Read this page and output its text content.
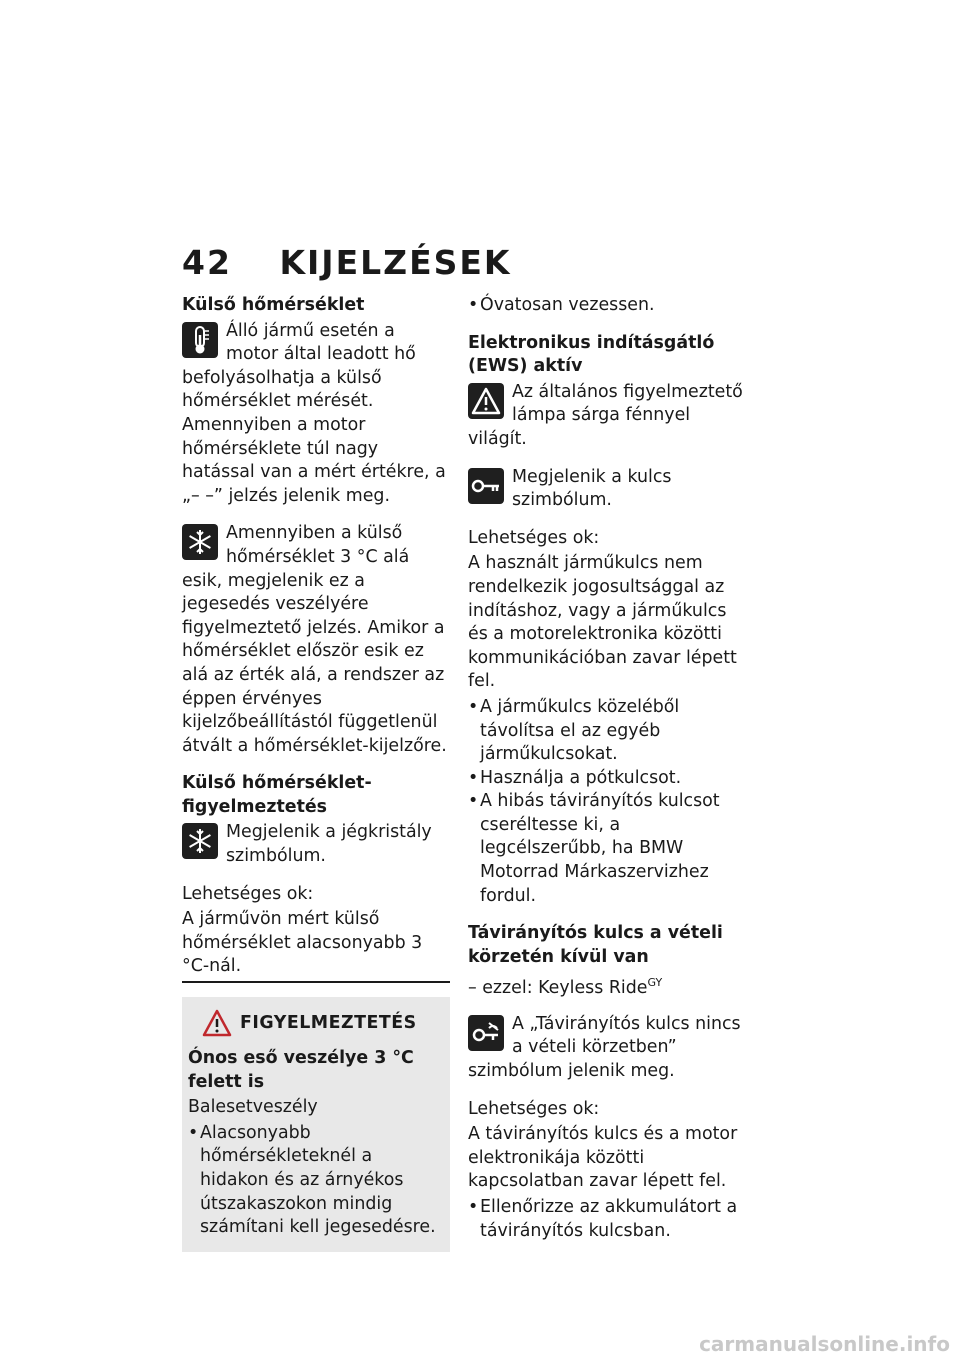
42 KIJELZÉSEK
Külső hőmérséklet
Álló jármű esetén a motor által leadott hő befolyásolhatja a külső hőmérséklet mérését. Amennyiben a motor hőmérséklete túl nagy hatással van a mért értékre, a „– –” jelzés jelenik meg.
Amennyiben a külső hőmérséklet 3 °C alá esik, megjelenik ez a jegesedés veszélyére figyelmeztető jelzés. Amikor a hőmérséklet először esik ez alá az érték alá, a rendszer az éppen érvényes kijelzőbeállítástól függetlenül átvált a hőmérséklet-kijelzőre.
Külső hőmérséklet-figyelmeztetés
Megjelenik a jégkristály szimbólum.
Lehetséges ok:
A járművön mért külső hőmérséklet alacsonyabb 3 °C-nál.
FIGYELMEZTETÉS
Ónos eső veszélye 3 °C felett is
Balesetveszély
• Alacsonyabb hőmérsékleteknél a hidakon és az árnyékos útszakaszokon mindig számítani kell jegesedésre.
• Óvatosan vezessen.
Elektronikus indításgátló (EWS) aktív
Az általános figyelmeztető lámpa sárga fénnyel világít.
Megjelenik a kulcs szimbólum.
Lehetséges ok:
A használt járműkulcs nem rendelkezik jogosultsággal az indításhoz, vagy a járműkulcs és a motorelektronika közötti kommunikációban zavar lépett fel.
• A járműkulcs közeléből távolítsa el az egyéb járműkulcsokat.
• Használja a pótkulcsot.
• A hibás távirányítós kulcsot cseréltesse ki, a legcélszerűbb, ha BMW Motorrad Márkaszervizhez fordul.
Távirányítós kulcs a vételi körzetén kívül van
– ezzel: Keyless Ride$^{GY}$
A „Távirányítós kulcs nincs a vételi körzetben” szimbólum jelenik meg.
Lehetséges ok:
A távirányítós kulcs és a motor elektronikája közötti kapcsolatban zavar lépett fel.
• Ellenőrizze az akkumulátort a távirányítós kulcsban.
carmanualsonline.info
